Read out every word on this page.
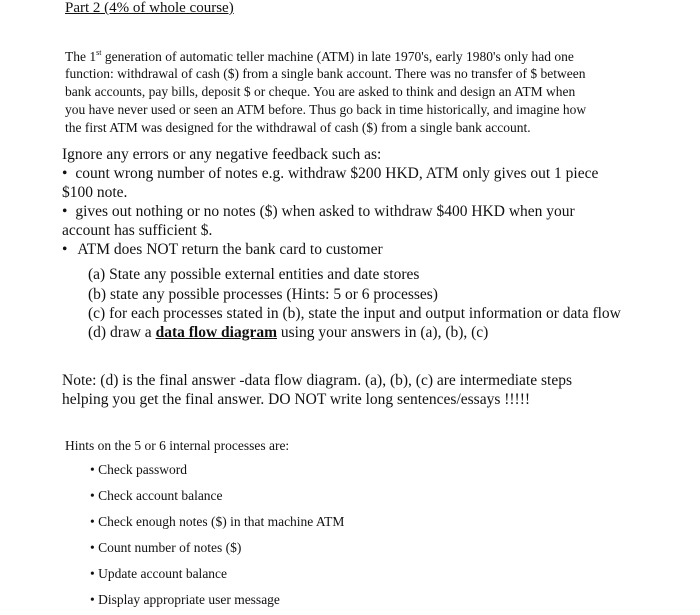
Part 2 (4% of whole course)
The 1st generation of automatic teller machine (ATM) in late 1970's, early 1980's only had one
function: withdrawal of cash ($) from a single bank account. There was no transfer of $ between
bank accounts, pay bills, deposit $ or cheque. You are asked to think and design an ATM when
you have never used or seen an ATM before. Thus go back in time historically, and imagine how
the first ATM was designed for the withdrawal of cash ($) from a single bank account.
Ignore any errors or any negative feedback such as:
• count wrong number of notes e.g. withdraw $200 HKD, ATM only gives out 1 piece
$100 note.
• gives out nothing or no notes ($) when asked to withdraw $400 HKD when your
account has sufficient $.
• ATM does NOT return the bank card to customer
(a) State any possible external entities and date stores
(b) state any possible processes (Hints: 5 or 6 processes)
(c) for each processes stated in (b), state the input and output information or data flow
(d) draw a data flow diagram using your answers in (a), (b), (c)
Note: (d) is the final answer -data flow diagram. (a), (b), (c) are intermediate steps
helping you get the final answer. DO NOT write long sentences/essays !!!!!
Hints on the 5 or 6 internal processes are:
• Check password
• Check account balance
• Check enough notes ($) in that machine ATM
• Count number of notes ($)
• Update account balance
• Display appropriate user message
